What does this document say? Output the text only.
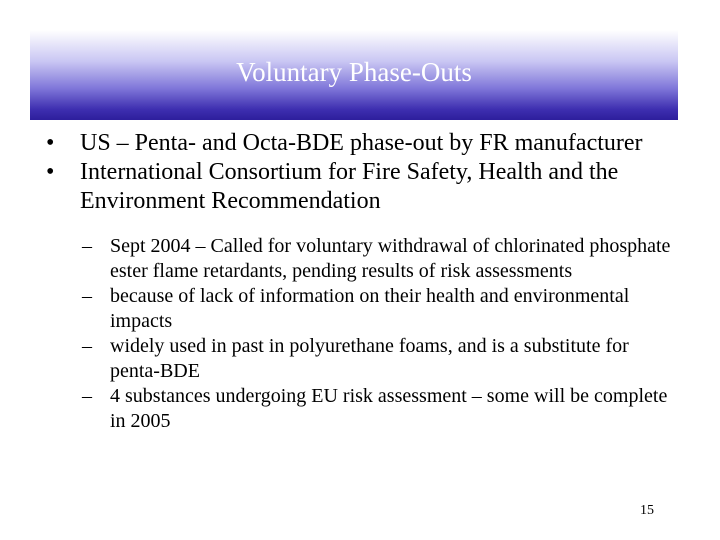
Voluntary Phase-Outs
•	US – Penta- and Octa-BDE phase-out by FR manufacturer
•	International Consortium for Fire Safety, Health and the Environment Recommendation
– Sept 2004 – Called for voluntary withdrawal of chlorinated phosphate ester flame retardants, pending results of risk assessments
– because of lack of information on their health and environmental impacts
– widely used in past in polyurethane foams, and is a substitute for penta-BDE
– 4 substances undergoing EU risk assessment – some will be complete in 2005
15
